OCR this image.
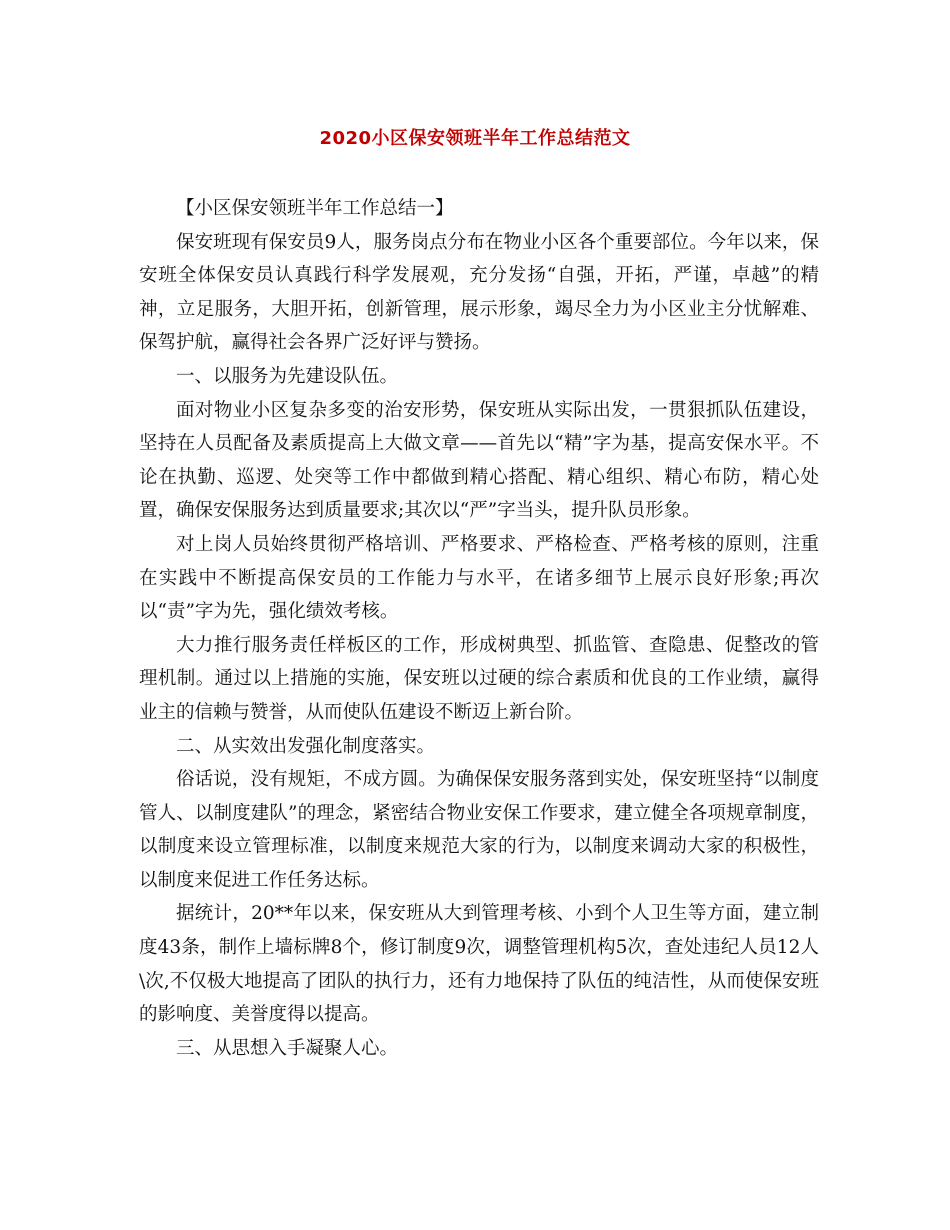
2020小区保安领班半年工作总结范文

【小区保安领班半年工作总结一】

保安班现有保安员9人，服务岗点分布在物业小区各个重要部位。今年以来，保安班全体保安员认真践行科学发展观，充分发扬“自强，开拓，严谨，卓越”的精神，立足服务，大胆开拓，创新管理，展示形象，竭尽全力为小区业主分忧解难、保驾护航，赢得社会各界广泛好评与赞扬。

一、以服务为先建设队伍。

面对物业小区复杂多变的治安形势，保安班从实际出发，一贯狠抓队伍建设，坚持在人员配备及素质提高上大做文章——首先以“精”字为基，提高安保水平。不论在执勤、巡逻、处突等工作中都做到精心搭配、精心组织、精心布防，精心处置，确保安保服务达到质量要求;其次以“严”字当头，提升队员形象。

对上岗人员始终贯彻严格培训、严格要求、严格检查、严格考核的原则，注重在实践中不断提高保安员的工作能力与水平，在诸多细节上展示良好形象;再次以“责”字为先，强化绩效考核。

大力推行服务责任样板区的工作，形成树典型、抓监管、查隐患、促整改的管理机制。通过以上措施的实施，保安班以过硬的综合素质和优良的工作业绩，赢得业主的信赖与赞誉，从而使队伍建设不断迈上新台阶。

二、从实效出发强化制度落实。

俗话说，没有规矩，不成方圆。为确保保安服务落到实处，保安班坚持“以制度管人、以制度建队”的理念，紧密结合物业安保工作要求，建立健全各项规章制度，以制度来设立管理标准，以制度来规范大家的行为，以制度来调动大家的积极性，以制度来促进工作任务达标。

据统计，20**年以来，保安班从大到管理考核、小到个人卫生等方面，建立制度43条，制作上墙标牌8个，修订制度9次，调整管理机构5次，查处违纪人员12人\次,不仅极大地提高了团队的执行力，还有力地保持了队伍的纯洁性，从而使保安班的影响度、美誉度得以提高。

三、从思想入手凝聚人心。
